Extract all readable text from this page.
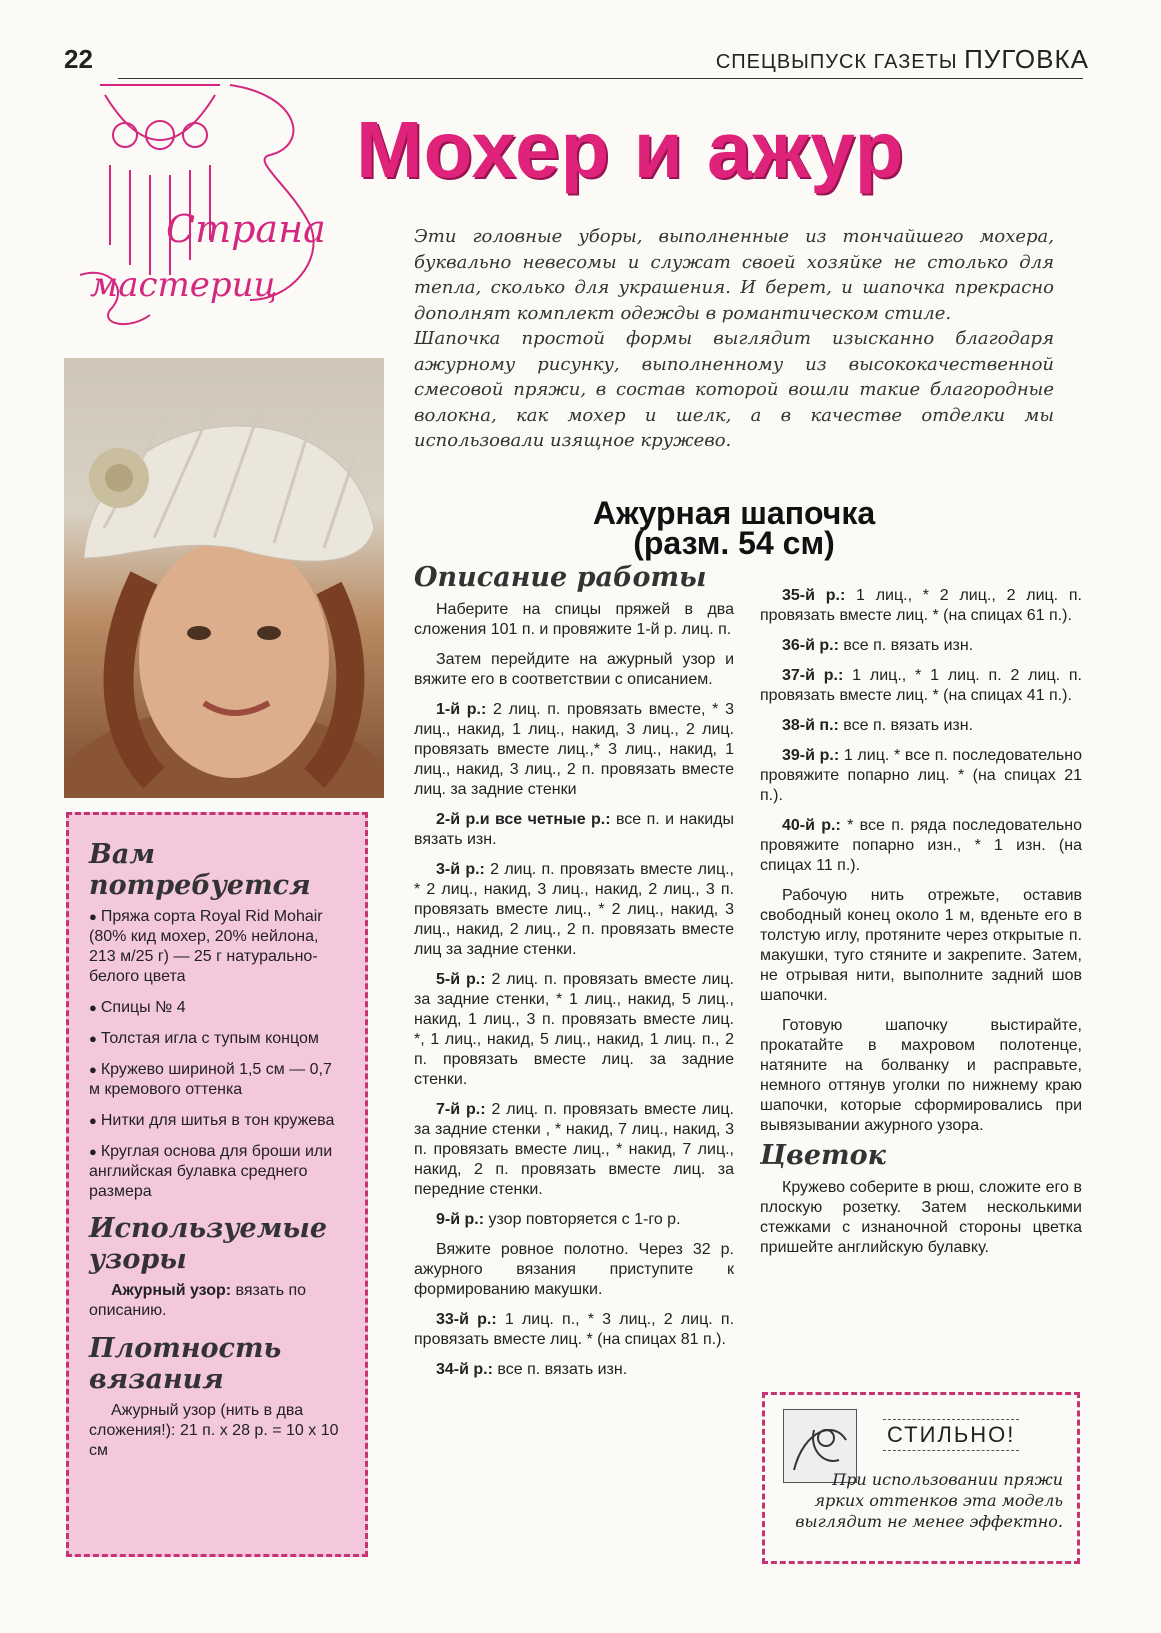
22	СПЕЦВЫПУСК ГАЗЕТЫ ПУГОВКА
Страна
мастериц
Мохер и ажур

Эти головные уборы, выполненные из тончайшего мохера, буквально невесомы и служат своей хозяйке не столько для тепла, сколько для украшения. И берет, и шапочка прекрасно дополнят комплект одежды в романтическом стиле.

Шапочка простой формы выглядит изысканно благодаря ажурному рисунку, выполненному из высококачественной смесовой пряжи, в состав которой вошли такие благородные волокна, как мохер и шелк, а в качестве отделки мы использовали изящное кружево.

Вам потребуется
● Пряжа сорта Royal Rid Mohair (80% кид мохер, 20% нейлона, 213 м/25 г) — 25 г натурально-белого цвета
● Спицы № 4
● Толстая игла с тупым концом
● Кружево шириной 1,5 см — 0,7 м кремового оттенка
● Нитки для шитья в тон кружева
● Круглая основа для броши или английская булавка среднего размера
Используемые узоры

Ажурный узор: вязать по описанию.

Плотность вязания

Ажурный узор (нить в два сложения!): 21 п. х 28 р. = 10 х 10 см

Ажурная шапочка
(разм. 54 см)
Описание работы

Наберите на спицы пряжей в два сложения 101 п. и провяжите 1-й р. лиц. п.

Затем перейдите на ажурный узор и вяжите его в соответствии с описанием.

1-й р.: 2 лиц. п. провязать вместе, * 3 лиц., накид, 1 лиц., накид, 3 лиц., 2 лиц. провязать вместе лиц.,* 3 лиц., накид, 1 лиц., накид, 3 лиц., 2 п. провязать вместе лиц. за задние стенки

2-й р.и все четные р.: все п. и накиды вязать изн.

3-й р.: 2 лиц. п. провязать вместе лиц., * 2 лиц., накид, 3 лиц., накид, 2 лиц., 3 п. провязать вместе лиц., * 2 лиц., накид, 3 лиц., накид, 2 лиц., 2 п. провязать вместе лиц за задние стенки.

5-й р.: 2 лиц. п. провязать вместе лиц. за задние стенки, * 1 лиц., накид, 5 лиц., накид, 1 лиц., 3 п. провязать вместе лиц. *, 1 лиц., накид, 5 лиц., накид, 1 лиц. п., 2 п. провязать вместе лиц. за задние стенки.

7-й р.: 2 лиц. п. провязать вместе лиц. за задние стенки , * накид, 7 лиц., накид, 3 п. провязать вместе лиц., * накид, 7 лиц., накид, 2 п. провязать вместе лиц. за передние стенки.

9-й р.: узор повторяется с 1-го р.

Вяжите ровное полотно. Через 32 р. ажурного вязания приступите к формированию макушки.

33-й р.: 1 лиц. п., * 3 лиц., 2 лиц. п. провязать вместе лиц. * (на спицах 81 п.).

34-й р.: все п. вязать изн.

35-й р.: 1 лиц., * 2 лиц., 2 лиц. п. провязать вместе лиц. * (на спицах 61 п.).

36-й р.: все п. вязать изн.

37-й р.: 1 лиц., * 1 лиц. п. 2 лиц. п. провязать вместе лиц. * (на спицах 41 п.).

38-й п.: все п. вязать изн.

39-й р.: 1 лиц. * все п. последовательно провяжите попарно лиц. * (на спицах 21 п.).

40-й р.: * все п. ряда последовательно провяжите попарно изн., * 1 изн. (на спицах 11 п.).

Рабочую нить отрежьте, оставив свободный конец около 1 м, вденьте его в толстую иглу, протяните через открытые п. макушки, туго стяните и закрепите. Затем, не отрывая нити, выполните задний шов шапочки.

Готовую шапочку выстирайте, прокатайте в махровом полотенце, натяните на болванку и расправьте, немного оттянув уголки по нижнему краю шапочки, которые сформировались при вывязывании ажурного узора.

Цветок

Кружево соберите в рюш, сложите его в плоскую розетку. Затем несколькими стежками с изнаночной стороны цветка пришейте английскую булавку.

СТИЛЬНО!
При использовании пряжи ярких оттенков эта модель выглядит не менее эффектно.
